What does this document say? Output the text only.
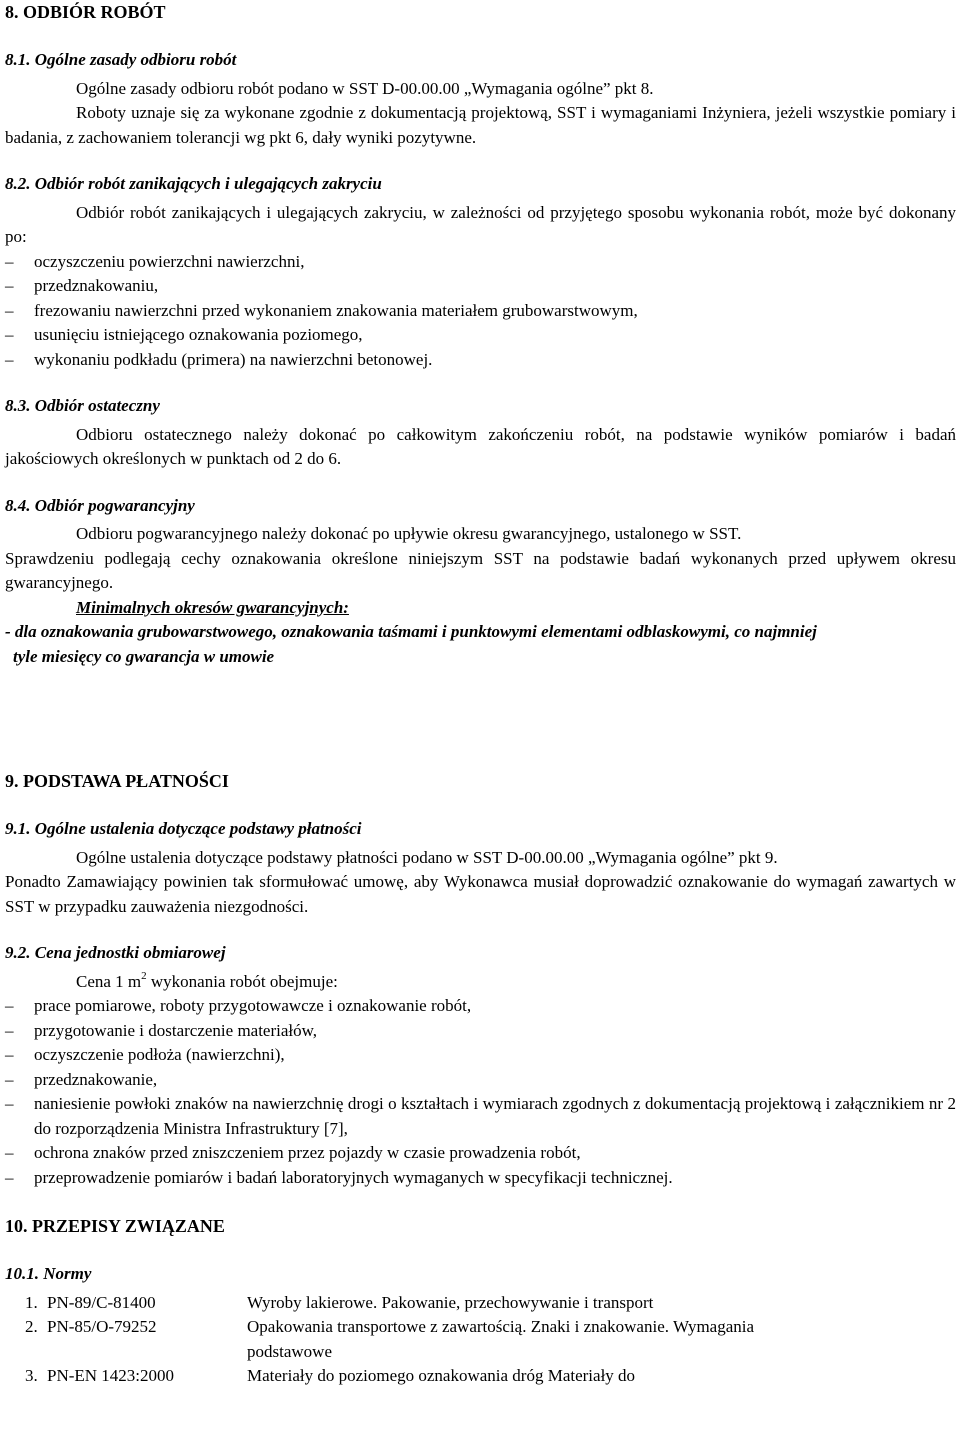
8. ODBIÓR ROBÓT
8.1. Ogólne zasady odbioru robót

Ogólne zasady odbioru robót podano w SST D-00.00.00 „Wymagania ogólne” pkt 8.

Roboty uznaje się za wykonane zgodnie z dokumentacją projektową, SST i wymaganiami Inżyniera, jeżeli wszystkie pomiary i badania, z zachowaniem tolerancji wg pkt 6, dały wyniki pozytywne.

8.2. Odbiór robót zanikających i ulegających zakryciu

Odbiór robót zanikających i ulegających zakryciu, w zależności od przyjętego sposobu wykonania robót, może być dokonany po:

– oczyszczeniu powierzchni nawierzchni,

– przedznakowaniu,

– frezowaniu nawierzchni przed wykonaniem znakowania materiałem grubowarstwowym,

– usunięciu istniejącego oznakowania poziomego,

– wykonaniu podkładu (primera) na nawierzchni betonowej.

8.3. Odbiór ostateczny

Odbioru ostatecznego należy dokonać po całkowitym zakończeniu robót, na podstawie wyników pomiarów i badań jakościowych określonych w punktach od 2 do 6.

8.4. Odbiór pogwarancyjny

Odbioru pogwarancyjnego należy dokonać po upływie okresu gwarancyjnego, ustalonego w SST.

Sprawdzeniu podlegają cechy oznakowania określone niniejszym SST na podstawie badań wykonanych przed upływem okresu gwarancyjnego.

Minimalnych okresów gwarancyjnych:

- dla oznakowania grubowarstwowego, oznakowania taśmami i punktowymi elementami odblaskowymi, co najmniej

tyle miesięcy co gwarancja w umowie

9. PODSTAWA PŁATNOŚCI
9.1. Ogólne ustalenia dotyczące podstawy płatności

Ogólne ustalenia dotyczące podstawy płatności podano w SST D-00.00.00 „Wymagania ogólne” pkt 9.

Ponadto Zamawiający powinien tak sformułować umowę, aby Wykonawca musiał doprowadzić oznakowanie do wymagań zawartych w SST w przypadku zauważenia niezgodności.

9.2. Cena jednostki obmiarowej

Cena 1 $m^2$ wykonania robót obejmuje:

– prace pomiarowe, roboty przygotowawcze i oznakowanie robót,

– przygotowanie i dostarczenie materiałów,

– oczyszczenie podłoża (nawierzchni),

– przedznakowanie,

– naniesienie powłoki znaków na nawierzchnię drogi o kształtach i wymiarach zgodnych z dokumentacją projektową i załącznikiem nr 2 do rozporządzenia Ministra Infrastruktury [7],

– ochrona znaków przed zniszczeniem przez pojazdy w czasie prowadzenia robót,

– przeprowadzenie pomiarów i badań laboratoryjnych wymaganych w specyfikacji technicznej.

10. PRZEPISY ZWIĄZANE
10.1. Normy
1.	PN-89/C-81400	Wyroby lakierowe. Pakowanie, przechowywanie i transport
2.	PN-85/O-79252	Opakowania transportowe z zawartością. Znaki i znakowanie. Wymagania podstawowe
3.	PN-EN 1423:2000	Materiały do poziomego oznakowania dróg Materiały do
